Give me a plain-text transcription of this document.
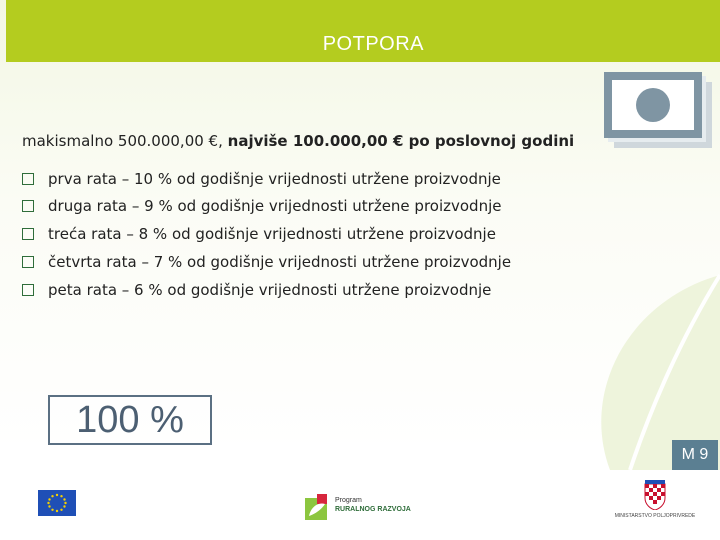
POTPORA

makismalno 500.000,00 €, najviše 100.000,00 € po poslovnoj godini

prva rata – 10 % od godišnje vrijednosti utržene proizvodnje
druga rata – 9 % od godišnje vrijednosti utržene proizvodnje
treća rata – 8 % od godišnje vrijednosti utržene proizvodnje
četvrta rata – 7 % od godišnje vrijednosti utržene proizvodnje
peta rata – 6 % od godišnje vrijednosti utržene proizvodnje
100 %
M 9
Program
RURALNOG RAZVOJA
MINISTARSTVO POLJOPRIVREDE
